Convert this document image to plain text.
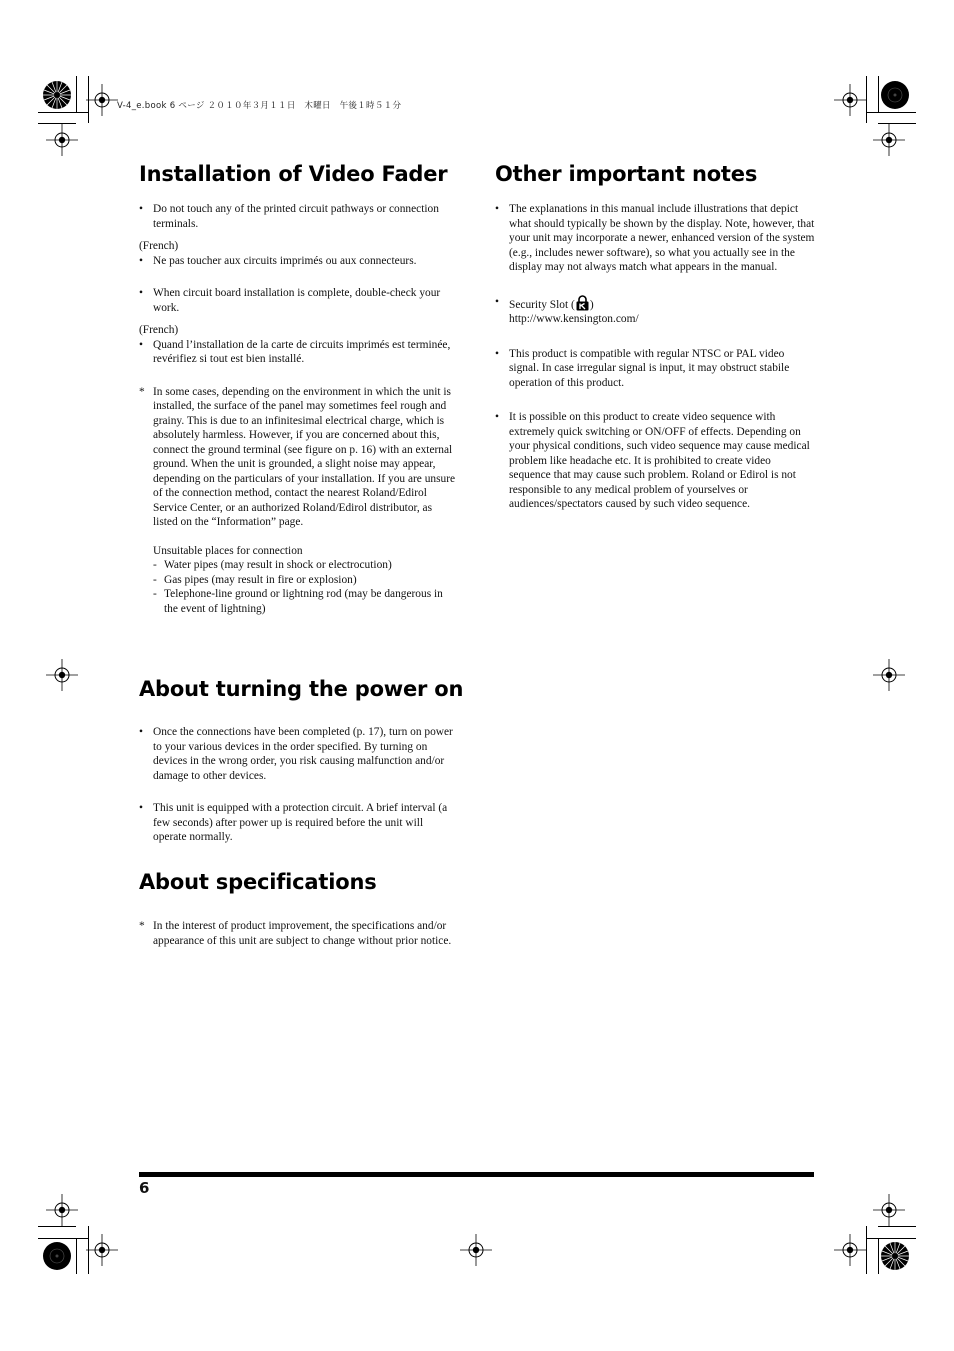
V-4_e.book 6 ページ ２０１０年３月１１日　木曜日　午後１時５１分
Installation of Video Fader
• Do not touch any of the printed circuit pathways or connection terminals.

(French)

• Ne pas toucher aux circuits imprimés ou aux connecteurs.
• When circuit board installation is complete, double-check your work.

(French)

• Quand l’installation de la carte de circuits imprimés est terminée, revérifiez si tout est bien installé.
* In some cases, depending on the environment in which the unit is installed, the surface of the panel may sometimes feel rough and grainy. This is due to an infinitesimal electrical charge, which is absolutely harmless. However, if you are concerned about this, connect the ground terminal (see figure on p. 16) with an external ground. When the unit is grounded, a slight noise may appear, depending on the particulars of your installation. If you are unsure of the connection method, contact the nearest Roland/Edirol Service Center, or an authorized Roland/Edirol distributor, as listed on the “Information” page.

Unsuitable places for connection

- Water pipes (may result in shock or electrocution)
- Gas pipes (may result in fire or explosion)
- Telephone-line ground or lightning rod (may be dangerous in the event of lightning)
About turning the power on
• Once the connections have been completed (p. 17), turn on power to your various devices in the order specified. By turning on devices in the wrong order, you risk causing malfunction and/or damage to other devices.
• This unit is equipped with a protection circuit. A brief interval (a few seconds) after power up is required before the unit will operate normally.
About specifications
* In the interest of product improvement, the specifications and/or appearance of this unit are subject to change without prior notice.
Other important notes
• The explanations in this manual include illustrations that depict what should typically be shown by the display. Note, however, that your unit may incorporate a newer, enhanced version of the system (e.g., includes newer software), so what you actually see in the display may not always match what appears in the manual.
• Security Slot ( )
http://www.kensington.com/
• This product is compatible with regular NTSC or PAL video signal. In case irregular signal is input, it may obstruct stabile operation of this product.
• It is possible on this product to create video sequence with extremely quick switching or ON/OFF of effects. Depending on your physical conditions, such video sequence may cause medical problem like headache etc. It is prohibited to create video sequence that may cause such problem. Roland or Edirol is not responsible to any medical problem of yourselves or audiences/spectators caused by such video sequence.
6
